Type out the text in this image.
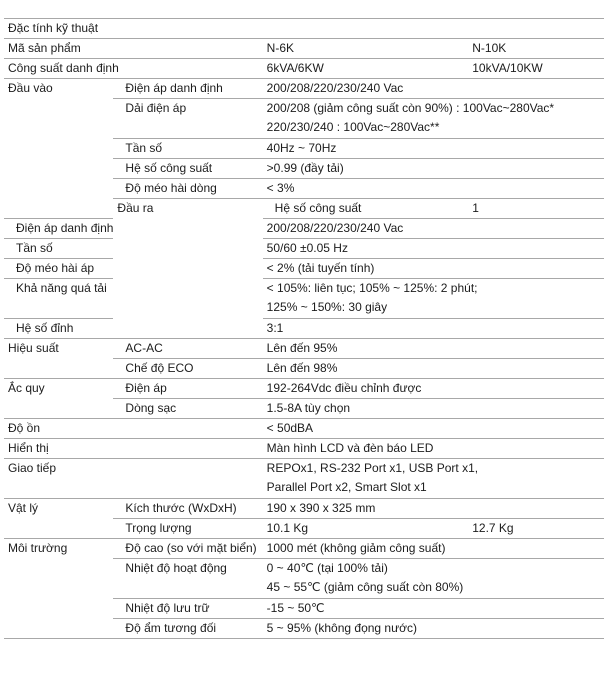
Đặc tính kỹ thuật			
Mã sản phẩm		N-6K	N-10K
Công suất danh định		6kVA/6KW	10kVA/10KW
Đầu vào	Điện áp danh định	200/208/220/230/240 Vac	
	Dải điện áp	200/208 (giảm công suất còn 90%) : 100Vac~280Vac*
220/230/240 : 100Vac~280Vac**	

	Tần số	40Hz ~ 70Hz	
	Hệ số công suất	>0.99 (đầy tải)	
	Độ méo hài dòng	< 3%	
	Đầu ra	Hệ số công suất	1
Điện áp danh định		200/208/220/230/240 Vac	
Tần số		50/60 ±0.05 Hz	
Độ méo hài áp		< 2% (tải tuyến tính)	
Khả năng quá tải		< 105%: liên tục; 105% ~ 125%: 2 phút;
125% ~ 150%: 30 giây	

Hệ số đỉnh		3:1	
Hiệu suất	AC-AC	Lên đến 95%	
	Chế độ ECO	Lên đến 98%	
Ắc quy	Điện áp	192-264Vdc điều chỉnh được	
	Dòng sạc	1.5-8A tùy chọn	
Độ ồn		< 50dBA	
Hiển thị		Màn hình LCD và đèn báo LED	
Giao tiếp		REPOx1, RS-232 Port x1, USB Port x1,
Parallel Port x2, Smart Slot x1	

Vật lý	Kích thước (WxDxH)	190 x 390 x 325 mm	
	Trọng lượng	10.1 Kg	12.7 Kg
Môi trường	Độ cao (so với mặt biển)	1000 mét (không giảm công suất)	
	Nhiệt độ hoạt động	0 ~ 40℃ (tại 100% tải)
45 ~ 55℃ (giảm công suất còn 80%)	

	Nhiệt độ lưu trữ	-15 ~ 50℃	
	Độ ẩm tương đối	5 ~ 95% (không đọng nước)	
